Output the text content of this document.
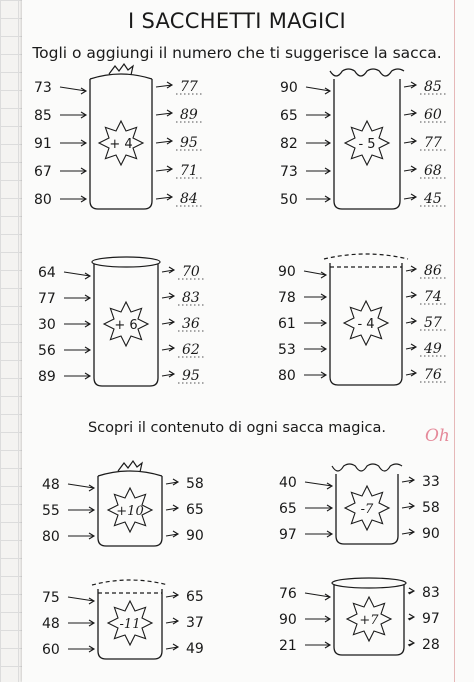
I SACCHETTI MAGICI
Togli o aggiungi il numero che ti suggerisce la sacca.
Scopri il contenuto di ogni sacca magica.	Oh
+ 4
73	77
85	89
91	95
67	71
80	84
- 5
90	85
65	60
82	77
73	68
50	45
+ 6
64	70
77	83
30	36
56	62
89	95
- 4
90	86
78	74
61	57
53	49
80	76
+10
48	58
55	65
80	90
-7
40	33
65	58
97	90
-11
75	65
48	37
60	49
+7
76	83
90	97
21	28
